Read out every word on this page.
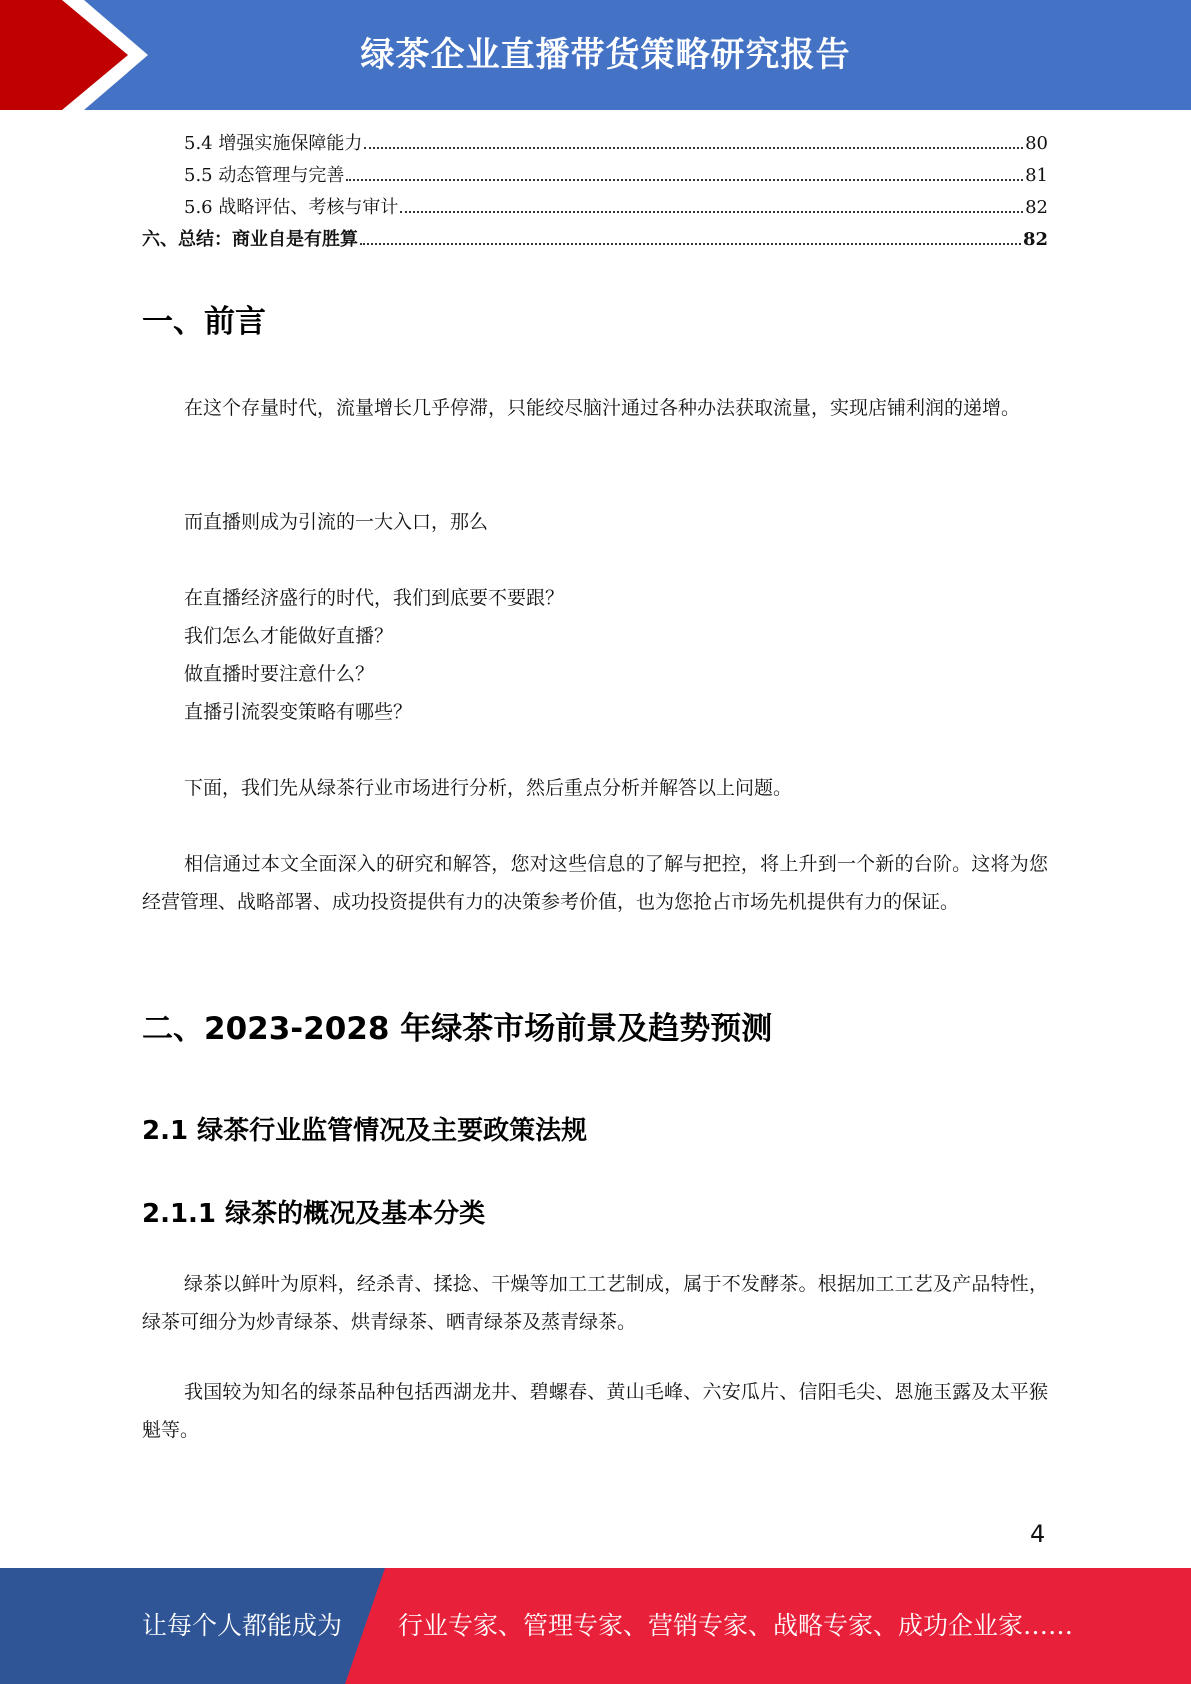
绿茶企业直播带货策略研究报告
5.4 增强实施保障能力	80
5.5 动态管理与完善	81
5.6 战略评估、考核与审计	82
六、总结：商业自是有胜算	82
一、前言

在这个存量时代，流量增长几乎停滞，只能绞尽脑汁通过各种办法获取流量，实现店铺利润的递增。

而直播则成为引流的一大入口，那么

在直播经济盛行的时代，我们到底要不要跟？

我们怎么才能做好直播？

做直播时要注意什么？

直播引流裂变策略有哪些？

下面，我们先从绿茶行业市场进行分析，然后重点分析并解答以上问题。

相信通过本文全面深入的研究和解答，您对这些信息的了解与把控，将上升到一个新的台阶。这将为您经营管理、战略部署、成功投资提供有力的决策参考价值，也为您抢占市场先机提供有力的保证。

二、2023-2028 年绿茶市场前景及趋势预测
2.1 绿茶行业监管情况及主要政策法规
2.1.1 绿茶的概况及基本分类

绿茶以鲜叶为原料，经杀青、揉捻、干燥等加工工艺制成，属于不发酵茶。根据加工工艺及产品特性，绿茶可细分为炒青绿茶、烘青绿茶、晒青绿茶及蒸青绿茶。

我国较为知名的绿茶品种包括西湖龙井、碧螺春、黄山毛峰、六安瓜片、信阳毛尖、恩施玉露及太平猴魁等。

4
让每个人都能成为 行业专家、管理专家、营销专家、战略专家、成功企业家……
